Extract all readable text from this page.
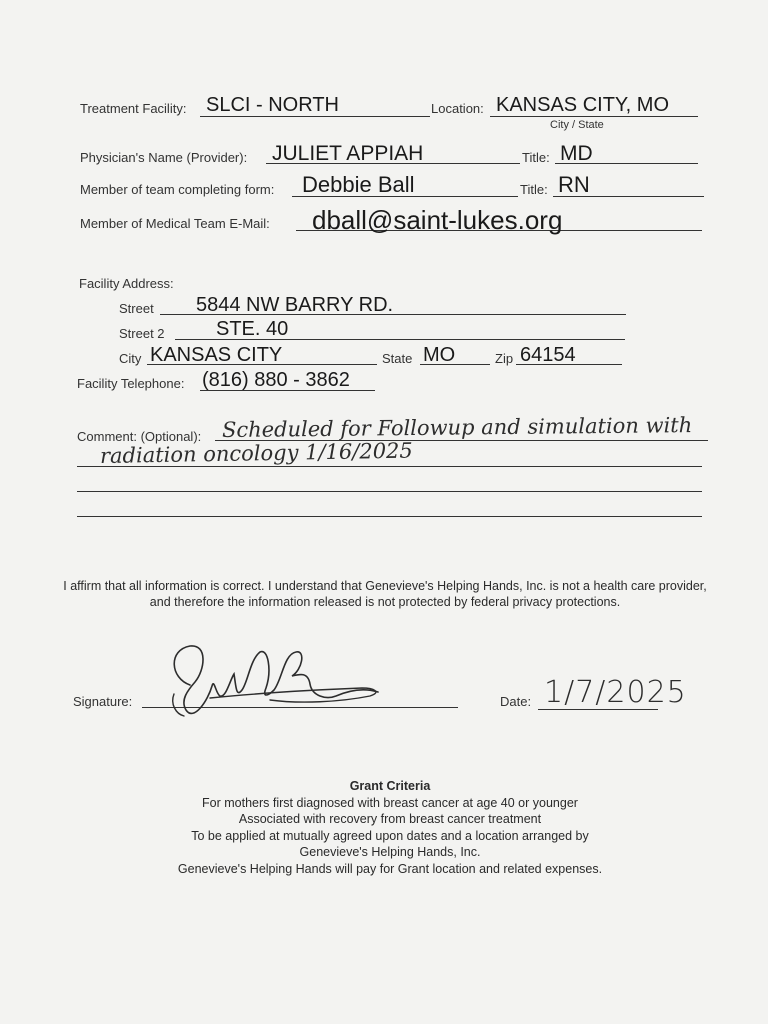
Treatment Facility: SLCI - NORTH	Location: KANSAS CITY, MO
City / State
Physician's Name (Provider): JULIET APPIAH	Title: MD
Member of team completing form: Debbie Ball	Title: RN
Member of Medical Team E-Mail: dball@saint-lukes.org
Facility Address:
Street 5844 NW BARRY RD.
Street 2	STE. 40
City KANSAS CITY	State MO	Zip 64154
Facility Telephone: (816) 880 - 3862
Comment: (Optional): Scheduled for Followup and simulation with
radiation oncology 1/16/2025
I affirm that all information is correct. I understand that Genevieve's Helping Hands, Inc. is not a health care provider, and therefore the information released is not protected by federal privacy protections.
Signature:	Date: 1/7/2025
Grant Criteria
For mothers first diagnosed with breast cancer at age 40 or younger
Associated with recovery from breast cancer treatment
To be applied at mutually agreed upon dates and a location arranged by
Genevieve's Helping Hands, Inc.
Genevieve's Helping Hands will pay for Grant location and related expenses.
